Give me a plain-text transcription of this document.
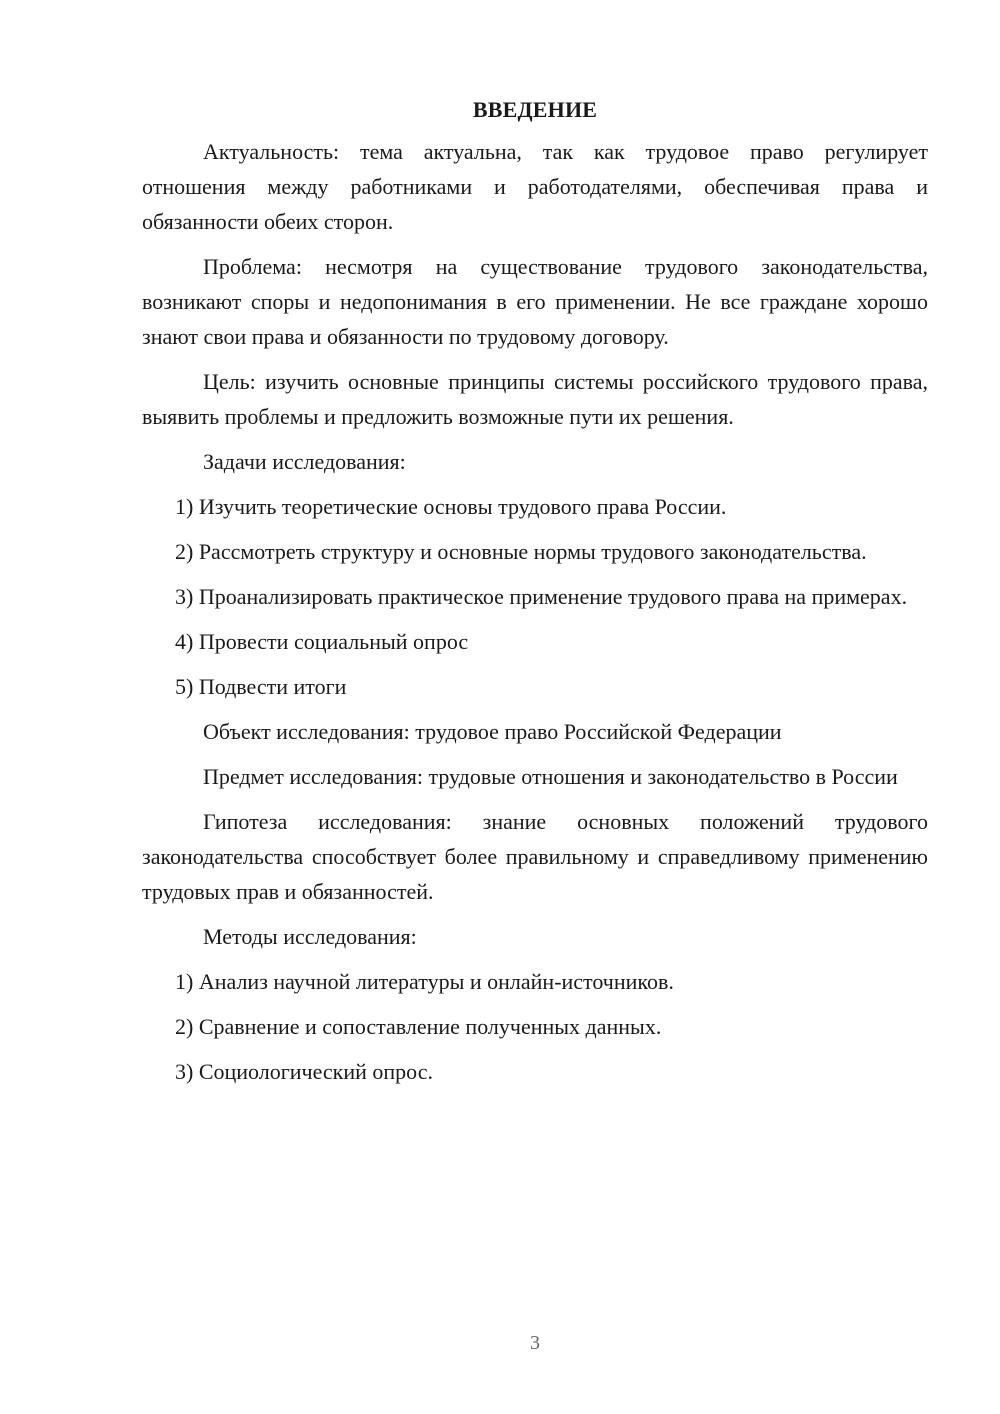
ВВЕДЕНИЕ

Актуальность: тема актуальна, так как трудовое право регулирует отношения между работниками и работодателями, обеспечивая права и обязанности обеих сторон.

Проблема: несмотря на существование трудового законодательства, возникают споры и недопонимания в его применении. Не все граждане хорошо знают свои права и обязанности по трудовому договору.

Цель: изучить основные принципы системы российского трудового права, выявить проблемы и предложить возможные пути их решения.

Задачи исследования:

1) Изучить теоретические основы трудового права России.

2) Рассмотреть структуру и основные нормы трудового законодательства.

3) Проанализировать практическое применение трудового права на примерах.

4) Провести социальный опрос

5) Подвести итоги

Объект исследования: трудовое право Российской Федерации

Предмет исследования: трудовые отношения и законодательство в России

Гипотеза исследования: знание основных положений трудового законодательства способствует более правильному и справедливому применению трудовых прав и обязанностей.

Методы исследования:

1) Анализ научной литературы и онлайн-источников.

2) Сравнение и сопоставление полученных данных.

3) Социологический опрос.

3
